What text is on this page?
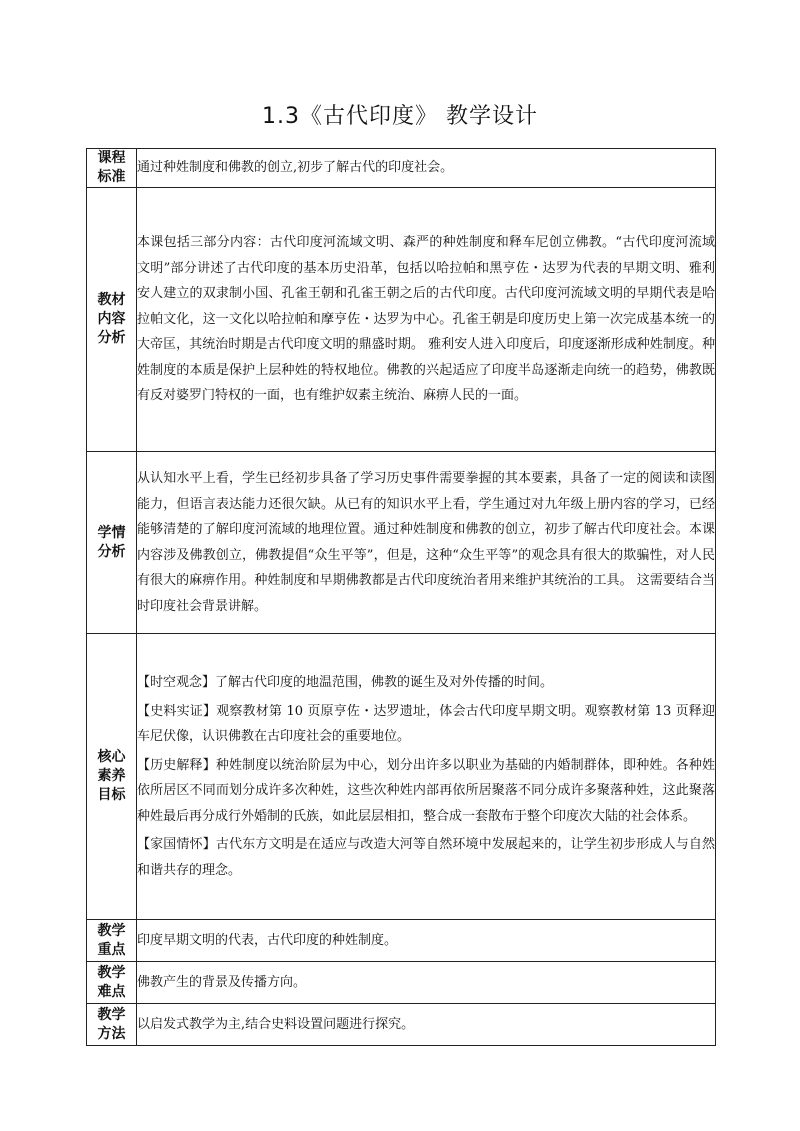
1.3《古代印度》 教学设计
课程标准	通过种姓制度和佛教的创立,初步了解古代的印度社会。

教材内容分析	本课包括三部分内容：古代印度河流域文明、森严的种姓制度和释车尼创立佛教。“古代印度河流域文明”部分讲述了古代印度的基本历史沿革，包括以哈拉帕和黑亨佐・达罗为代表的早期文明、雅利安人建立的双隶制小国、孔雀王朝和孔雀王朝之后的古代印度。古代印度河流域文明的早期代表是哈拉帕文化，这一文化以哈拉帕和摩亨佐・达罗为中心。孔雀王朝是印度历史上第一次完成基本统一的大帝匡，其统治时期是古代印度文明的鼎盛时期。 雅利安人进入印度后，印度逐渐形成种姓制度。种姓制度的本质是保护上层种姓的特权地位。佛教的兴起适应了印度半岛逐渐走向统一的趋势，佛教既有反对婆罗门特权的一面，也有维护奴素主统治、麻痹人民的一面。

学情分析	从认知水平上看，学生已经初步具备了学习历史事件需要拳握的其本要素，具备了一定的阅读和读图能力，但语言表达能力还很欠缺。从已有的知识水平上看，学生通过对九年级上册内容的学习，已经能够清楚的了解印度河流域的地理位置。通过种姓制度和佛教的创立，初步了解古代印度社会。本课内容涉及佛教创立，佛教提倡“众生平等”，但是，这种“众生平等”的观念具有很大的欺骗性，对人民有很大的麻痹作用。种姓制度和早期佛教都是古代印度统治者用来维护其统治的工具。 这需要结合当时印度社会背景讲解。

核心素养目标	【时空观念】了解古代印度的地温范围，佛教的诞生及对外传播的时间。

【史料实证】观察教材第 10 页原亨佐・达罗遗址，体会古代印度早期文明。观察教材第 13 页释迎车尼伏像，认识佛教在古印度社会的重要地位。

【历史解释】种姓制度以统治阶层为中心，划分出许多以职业为基础的内婚制群体，即种姓。各种姓依所居区不同而划分成许多次种姓，这些次种姓内部再依所居聚落不同分成许多聚落种姓，这此聚落种姓最后再分成行外婚制的氏族，如此层层相扣，整合成一套散布于整个印度次大陆的社会体系。

【家国情怀】古代东方文明是在适应与改造大河等自然环境中发展起来的，让学生初步形成人与自然和谐共存的理念。

教学重点	印度早期文明的代表，古代印度的种姓制度。

教学难点	佛教产生的背景及传播方向。

教学方法	以启发式教学为主,结合史料设置问题进行探究。
